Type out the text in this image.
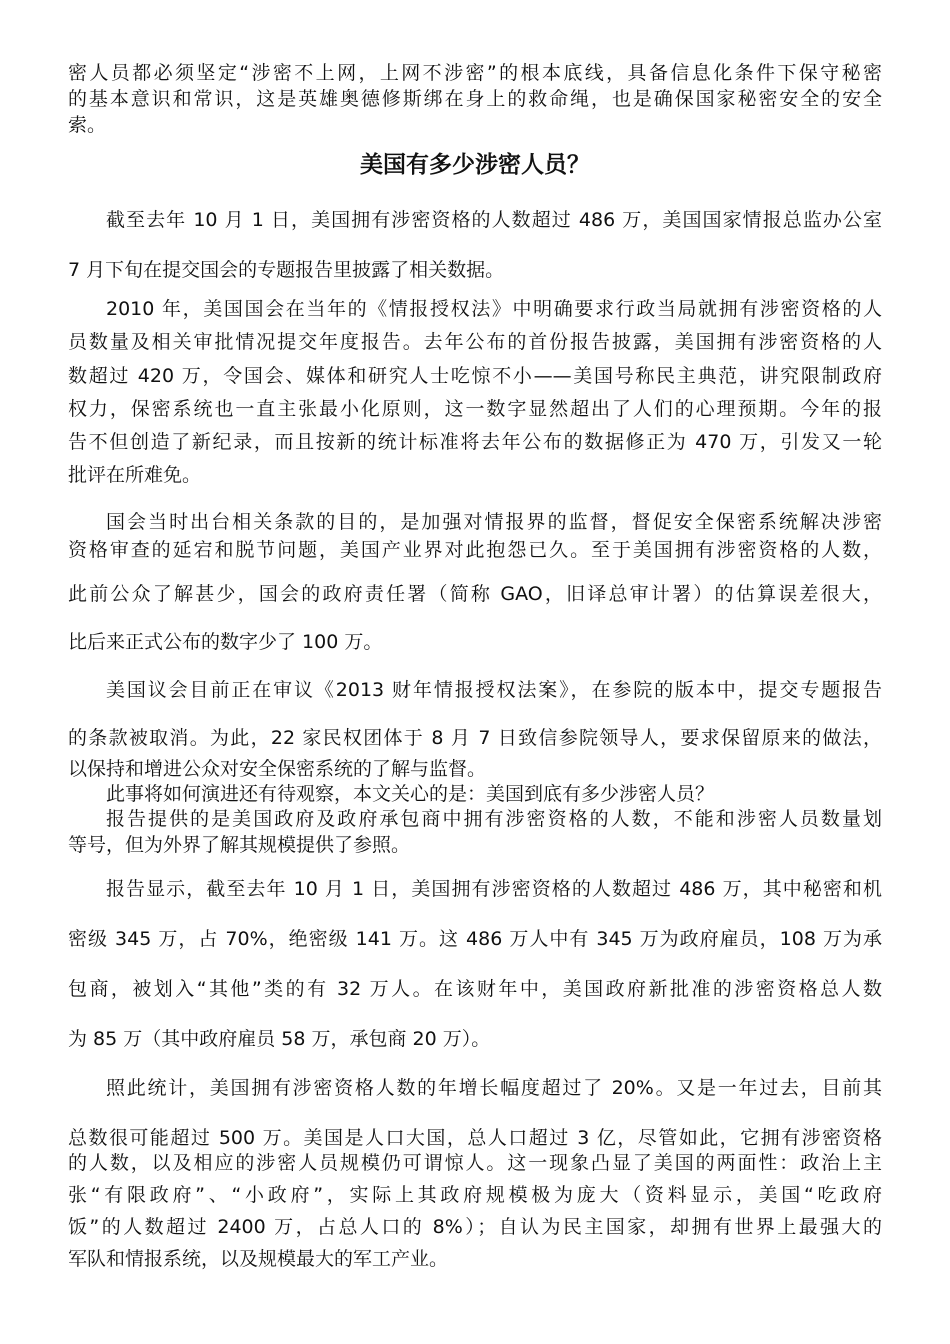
密人员都必须坚定“涉密不上网，上网不涉密”的根本底线，具备信息化条件下保守秘密
的基本意识和常识，这是英雄奥德修斯绑在身上的救命绳，也是确保国家秘密安全的安全
索。
美国有多少涉密人员？
截至去年 10 月 1 日，美国拥有涉密资格的人数超过 486 万，美国国家情报总监办公室
7 月下旬在提交国会的专题报告里披露了相关数据。
2010 年，美国国会在当年的《情报授权法》中明确要求行政当局就拥有涉密资格的人
员数量及相关审批情况提交年度报告。去年公布的首份报告披露，美国拥有涉密资格的人
数超过 420 万，令国会、媒体和研究人士吃惊不小——美国号称民主典范，讲究限制政府
权力，保密系统也一直主张最小化原则，这一数字显然超出了人们的心理预期。今年的报
告不但创造了新纪录，而且按新的统计标准将去年公布的数据修正为 470 万，引发又一轮
批评在所难免。
国会当时出台相关条款的目的，是加强对情报界的监督，督促安全保密系统解决涉密
资格审查的延宕和脱节问题，美国产业界对此抱怨已久。至于美国拥有涉密资格的人数，
此前公众了解甚少，国会的政府责任署（简称 GAO，旧译总审计署）的估算误差很大，
比后来正式公布的数字少了 100 万。
美国议会目前正在审议《2013 财年情报授权法案》，在参院的版本中，提交专题报告
的条款被取消。为此，22 家民权团体于 8 月 7 日致信参院领导人，要求保留原来的做法，
以保持和增进公众对安全保密系统的了解与监督。
此事将如何演进还有待观察，本文关心的是：美国到底有多少涉密人员？
报告提供的是美国政府及政府承包商中拥有涉密资格的人数，不能和涉密人员数量划
等号，但为外界了解其规模提供了参照。
报告显示，截至去年 10 月 1 日，美国拥有涉密资格的人数超过 486 万，其中秘密和机
密级 345 万，占 70%，绝密级 141 万。这 486 万人中有 345 万为政府雇员，108 万为承
包商，被划入“其他”类的有 32 万人。在该财年中，美国政府新批准的涉密资格总人数
为 85 万（其中政府雇员 58 万，承包商 20 万）。
照此统计，美国拥有涉密资格人数的年增长幅度超过了 20%。又是一年过去，目前其
总数很可能超过 500 万。美国是人口大国，总人口超过 3 亿，尽管如此，它拥有涉密资格
的人数，以及相应的涉密人员规模仍可谓惊人。这一现象凸显了美国的两面性：政治上主
张“有限政府”、“小政府”，实际上其政府规模极为庞大（资料显示，美国“吃政府
饭”的人数超过 2400 万，占总人口的 8%）；自认为民主国家，却拥有世界上最强大的
军队和情报系统，以及规模最大的军工产业。
